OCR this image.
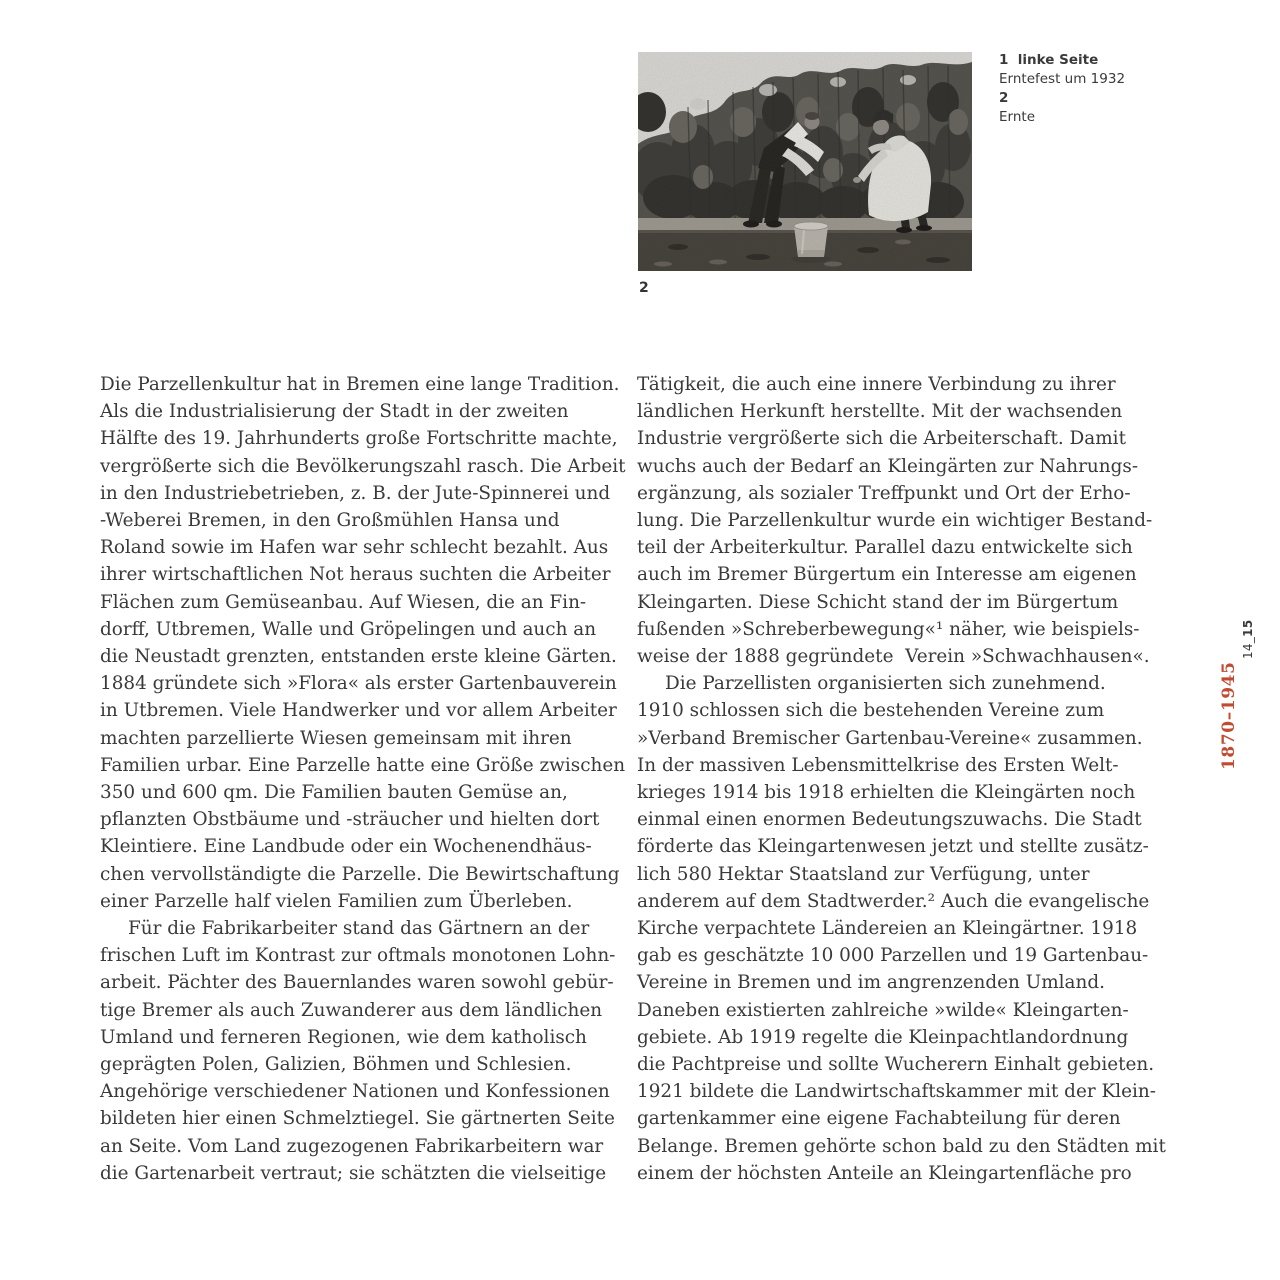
2
1  linke Seite
Erntefest um 1932
2
Ernte
Die Parzellenkultur hat in Bremen eine lange Tradition.
Als die Industrialisierung der Stadt in der zweiten
Hälfte des 19. Jahrhunderts große Fortschritte machte,
vergrößerte sich die Bevölkerungszahl rasch. Die Arbeit
in den Industriebetrieben, z. B. der Jute-Spinnerei und
-Weberei Bremen, in den Großmühlen Hansa und
Roland sowie im Hafen war sehr schlecht bezahlt. Aus
ihrer wirtschaftlichen Not heraus suchten die Arbeiter
Flächen zum Gemüseanbau. Auf Wiesen, die an Fin-
dorff, Utbremen, Walle und Gröpelingen und auch an
die Neustadt grenzten, entstanden erste kleine Gärten.
1884 gründete sich »Flora« als erster Gartenbauverein
in Utbremen. Viele Handwerker und vor allem Arbeiter
machten parzellierte Wiesen gemeinsam mit ihren
Familien urbar. Eine Parzelle hatte eine Größe zwischen
350 und 600 qm. Die Familien bauten Gemüse an,
pflanzten Obstbäume und -sträucher und hielten dort
Kleintiere. Eine Landbude oder ein Wochenendhäus-
chen vervollständigte die Parzelle. Die Bewirtschaftung
einer Parzelle half vielen Familien zum Überleben.
Für die Fabrikarbeiter stand das Gärtnern an der
frischen Luft im Kontrast zur oftmals monotonen Lohn-
arbeit. Pächter des Bauernlandes waren sowohl gebür-
tige Bremer als auch Zuwanderer aus dem ländlichen
Umland und ferneren Regionen, wie dem katholisch
geprägten Polen, Galizien, Böhmen und Schlesien.
Angehörige verschiedener Nationen und Konfessionen
bildeten hier einen Schmelztiegel. Sie gärtnerten Seite
an Seite. Vom Land zugezogenen Fabrikarbeitern war
die Gartenarbeit vertraut; sie schätzten die vielseitige
Tätigkeit, die auch eine innere Verbindung zu ihrer
ländlichen Herkunft herstellte. Mit der wachsenden
Industrie vergrößerte sich die Arbeiterschaft. Damit
wuchs auch der Bedarf an Kleingärten zur Nahrungs-
ergänzung, als sozialer Treffpunkt und Ort der Erho-
lung. Die Parzellenkultur wurde ein wichtiger Bestand-
teil der Arbeiterkultur. Parallel dazu entwickelte sich
auch im Bremer Bürgertum ein Interesse am eigenen
Kleingarten. Diese Schicht stand der im Bürgertum
fußenden »Schreberbewegung«¹ näher, wie beispiels-
weise der 1888 gegründete  Verein »Schwachhausen«.
Die Parzellisten organisierten sich zunehmend.
1910 schlossen sich die bestehenden Vereine zum
»Verband Bremischer Gartenbau-Vereine« zusammen.
In der massiven Lebensmittelkrise des Ersten Welt-
krieges 1914 bis 1918 erhielten die Kleingärten noch
einmal einen enormen Bedeutungszuwachs. Die Stadt
förderte das Kleingartenwesen jetzt und stellte zusätz-
lich 580 Hektar Staatsland zur Verfügung, unter
anderem auf dem Stadtwerder.² Auch die evangelische
Kirche verpachtete Ländereien an Kleingärtner. 1918
gab es geschätzte 10 000 Parzellen und 19 Gartenbau-
Vereine in Bremen und im angrenzenden Umland.
Daneben existierten zahlreiche »wilde« Kleingarten-
gebiete. Ab 1919 regelte die Kleinpachtlandordnung
die Pachtpreise und sollte Wucherern Einhalt gebieten.
1921 bildete die Landwirtschaftskammer mit der Klein-
gartenkammer eine eigene Fachabteilung für deren
Belange. Bremen gehörte schon bald zu den Städten mit
einem der höchsten Anteile an Kleingartenfläche pro
14_15
1870–1945
